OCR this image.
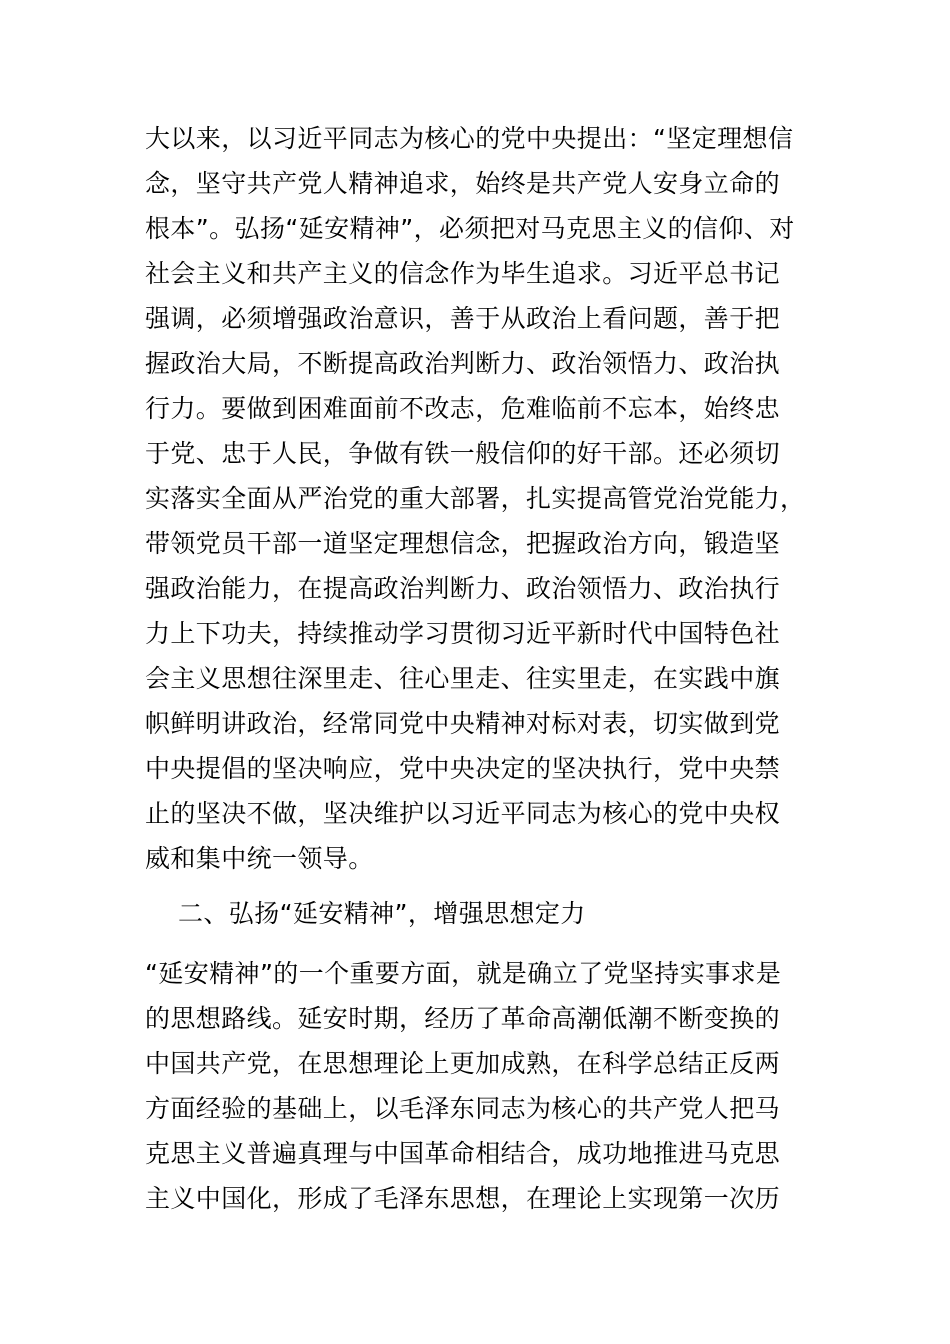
大以来，以习近平同志为核心的党中央提出：“坚定理想信
念，坚守共产党人精神追求，始终是共产党人安身立命的
根本”。弘扬“延安精神”，必须把对马克思主义的信仰、对
社会主义和共产主义的信念作为毕生追求。习近平总书记
强调，必须增强政治意识，善于从政治上看问题，善于把
握政治大局，不断提高政治判断力、政治领悟力、政治执
行力。要做到困难面前不改志，危难临前不忘本，始终忠
于党、忠于人民，争做有铁一般信仰的好干部。还必须切
实落实全面从严治党的重大部署，扎实提高管党治党能力，
带领党员干部一道坚定理想信念，把握政治方向，锻造坚
强政治能力，在提高政治判断力、政治领悟力、政治执行
力上下功夫，持续推动学习贯彻习近平新时代中国特色社
会主义思想往深里走、往心里走、往实里走，在实践中旗
帜鲜明讲政治，经常同党中央精神对标对表，切实做到党
中央提倡的坚决响应，党中央决定的坚决执行，党中央禁
止的坚决不做，坚决维护以习近平同志为核心的党中央权
威和集中统一领导。
二、弘扬“延安精神”，增强思想定力
“延安精神”的一个重要方面，就是确立了党坚持实事求是
的思想路线。延安时期，经历了革命高潮低潮不断变换的
中国共产党，在思想理论上更加成熟，在科学总结正反两
方面经验的基础上，以毛泽东同志为核心的共产党人把马
克思主义普遍真理与中国革命相结合，成功地推进马克思
主义中国化，形成了毛泽东思想，在理论上实现第一次历
